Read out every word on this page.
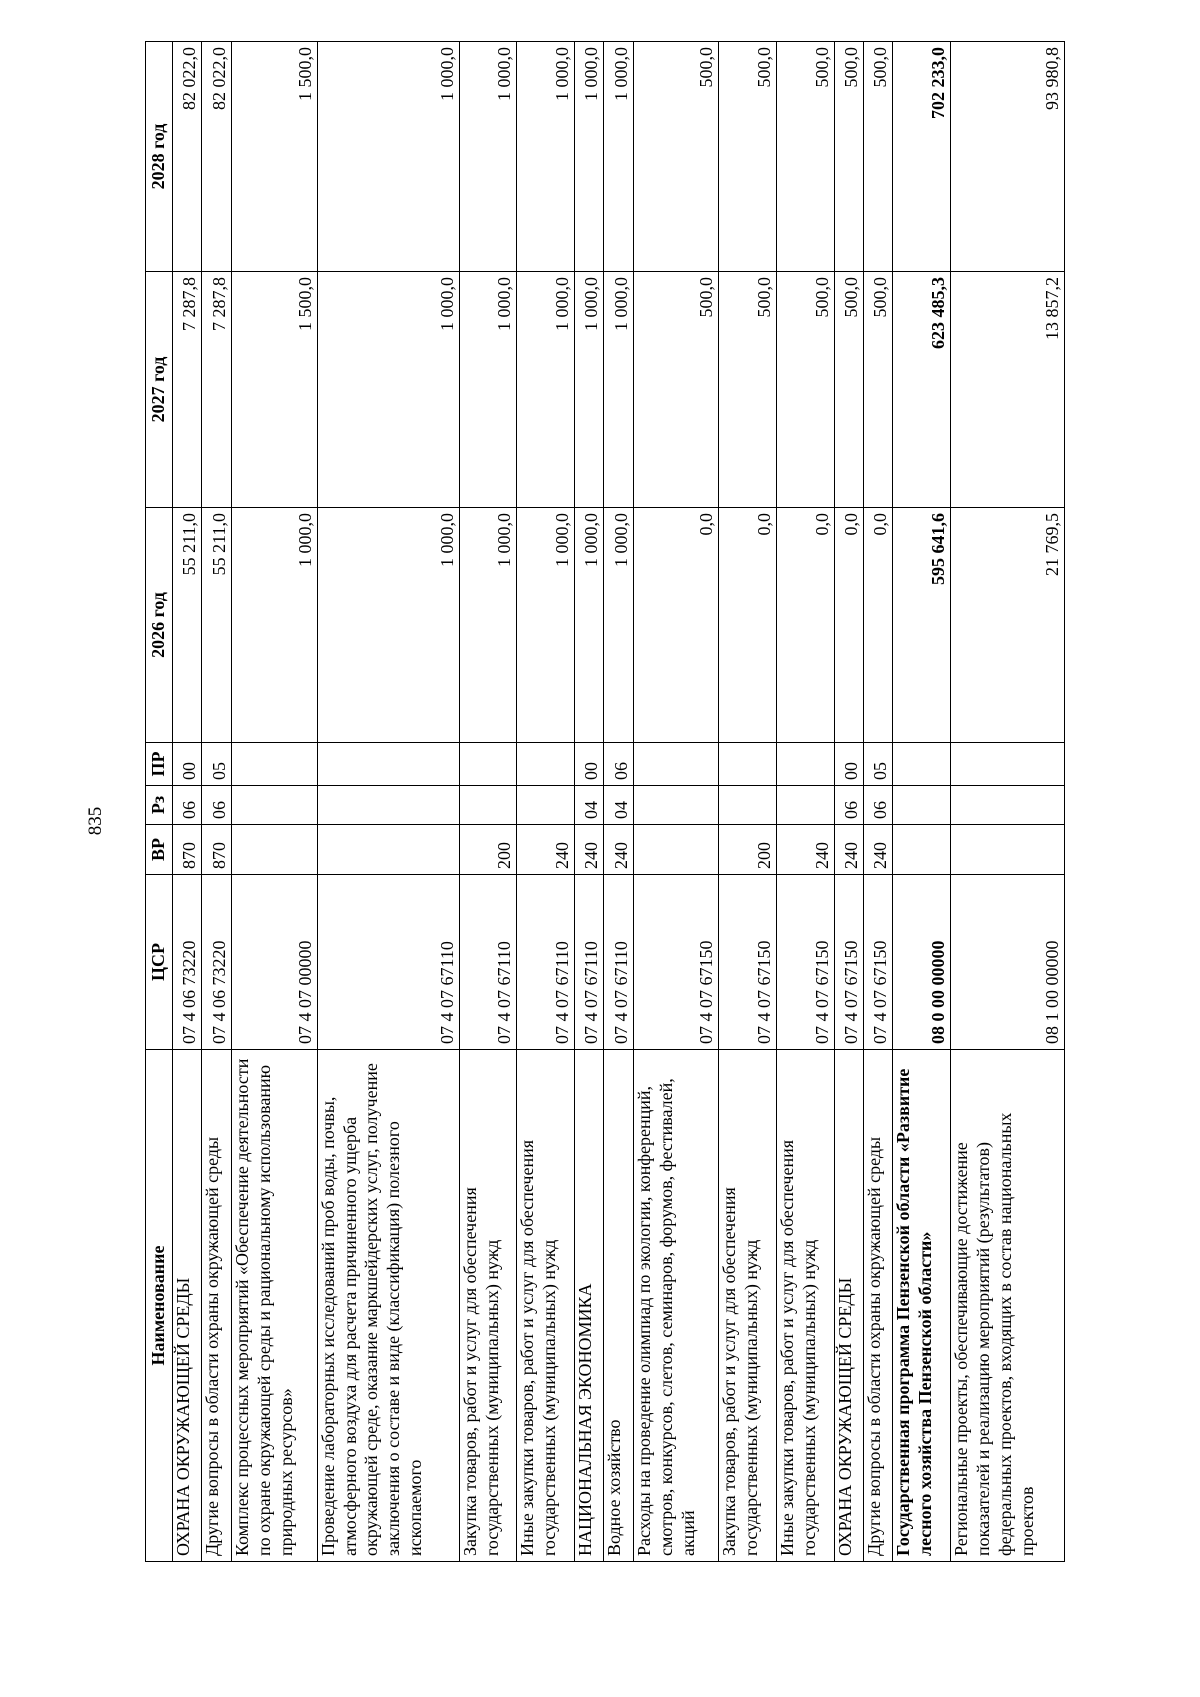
835
Наименование	ЦСР	ВР	Рз	ПР	2026 год	2027 год	2028 год
ОХРАНА ОКРУЖАЮЩЕЙ СРЕДЫ	07 4 06 73220	870	06	00	55 211,0	7 287,8	82 022,0
Другие вопросы в области охраны окружающей среды	07 4 06 73220	870	06	05	55 211,0	7 287,8	82 022,0
Комплекс процессных мероприятий «Обеспечение деятельности по охране окружающей среды и рациональному использованию природных ресурсов»	07 4 07 00000				1 000,0	1 500,0	1 500,0
Проведение лабораторных исследований проб воды, почвы, атмосферного воздуха для расчета причиненного ущерба окружающей среде, оказание маркшейдерских услуг, получение заключения о составе и виде (классификация) полезного ископаемого	07 4 07 67110				1 000,0	1 000,0	1 000,0
Закупка товаров, работ и услуг для обеспечения государственных (муниципальных) нужд	07 4 07 67110	200			1 000,0	1 000,0	1 000,0
Иные закупки товаров, работ и услуг для обеспечения государственных (муниципальных) нужд	07 4 07 67110	240			1 000,0	1 000,0	1 000,0
НАЦИОНАЛЬНАЯ ЭКОНОМИКА	07 4 07 67110	240	04	00	1 000,0	1 000,0	1 000,0
Водное хозяйство	07 4 07 67110	240	04	06	1 000,0	1 000,0	1 000,0
Расходы на проведение олимпиад по экологии, конференций, смотров, конкурсов, слетов, семинаров, форумов, фестивалей, акций	07 4 07 67150				0,0	500,0	500,0
Закупка товаров, работ и услуг для обеспечения государственных (муниципальных) нужд	07 4 07 67150	200			0,0	500,0	500,0
Иные закупки товаров, работ и услуг для обеспечения государственных (муниципальных) нужд	07 4 07 67150	240			0,0	500,0	500,0
ОХРАНА ОКРУЖАЮЩЕЙ СРЕДЫ	07 4 07 67150	240	06	00	0,0	500,0	500,0
Другие вопросы в области охраны окружающей среды	07 4 07 67150	240	06	05	0,0	500,0	500,0
Государственная программа Пензенской области «Развитие лесного хозяйства Пензенской области»	08 0 00 00000				595 641,6	623 485,3	702 233,0
Региональные проекты, обеспечивающие достижение показателей и реализацию мероприятий (результатов) федеральных проектов, входящих в состав национальных проектов	08 1 00 00000				21 769,5	13 857,2	93 980,8
